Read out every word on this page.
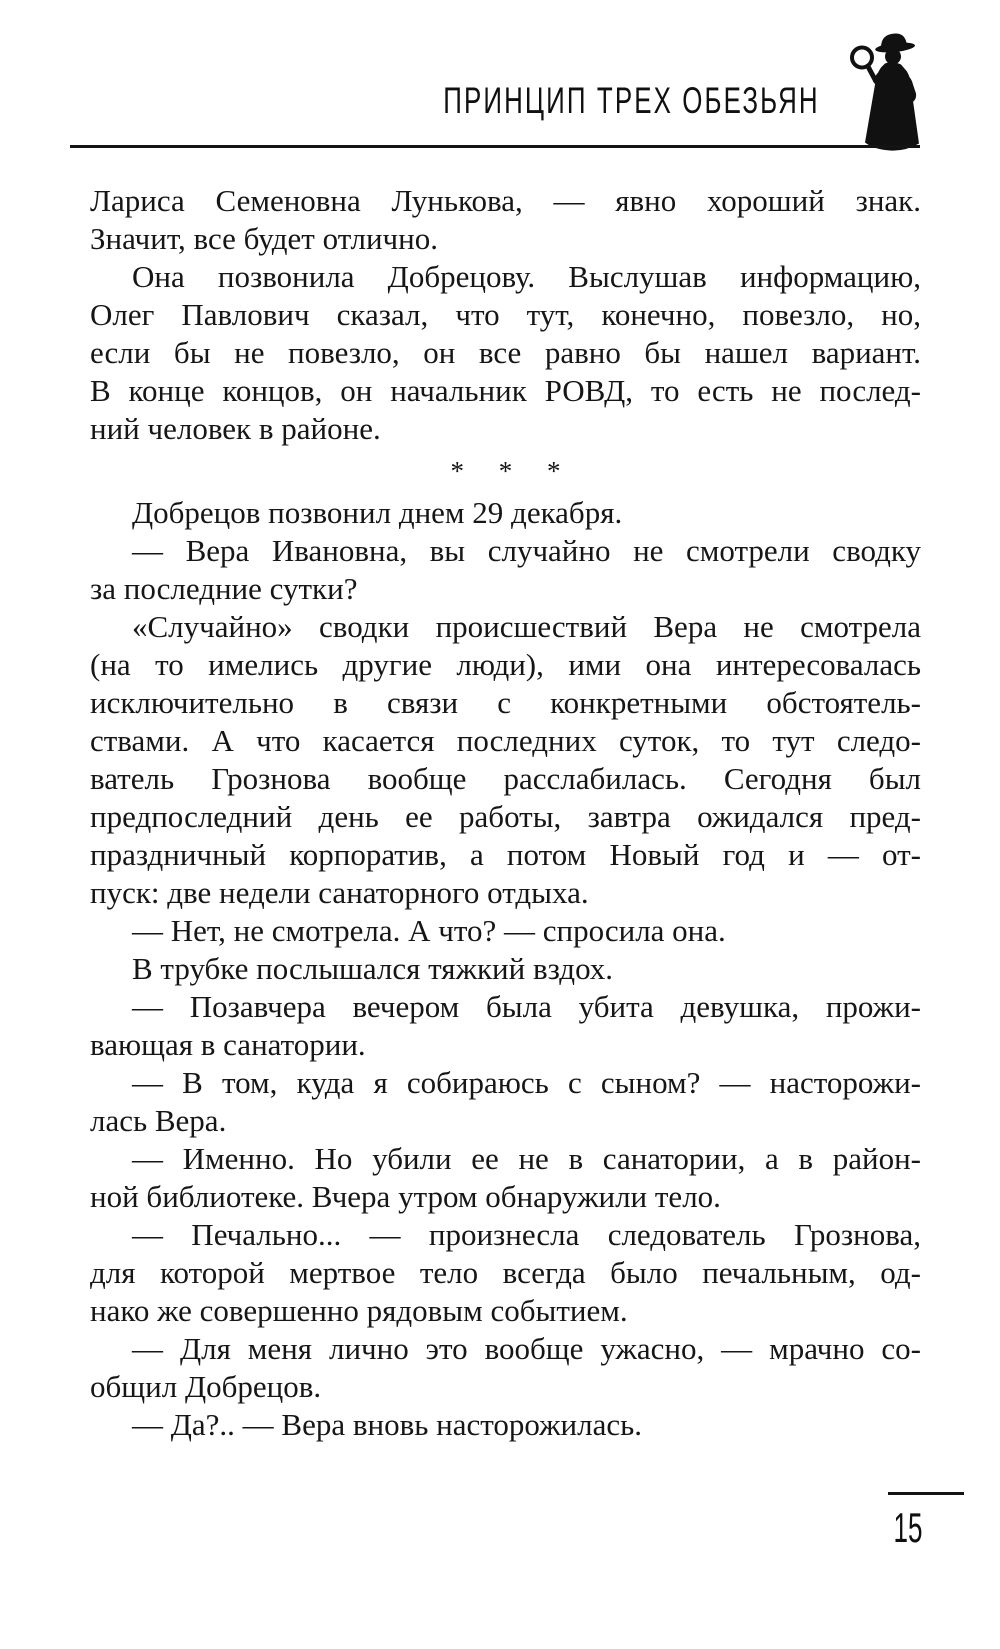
ПРИНЦИП ТРЕХ ОБЕЗЬЯН
Лариса Семеновна Лунькова, — явно хороший знак.
Значит, все будет отлично.
Она позвонила Добрецову. Выслушав информацию,
Олег Павлович сказал, что тут, конечно, повезло, но,
если бы не повезло, он все равно бы нашел вариант.
В конце концов, он начальник РОВД, то есть не послед-
ний человек в районе.
* * *
Добрецов позвонил днем 29 декабря.
— Вера Ивановна, вы случайно не смотрели сводку
за последние сутки?
«Случайно» сводки происшествий Вера не смотрела
(на то имелись другие люди), ими она интересовалась
исключительно в связи с конкретными обстоятель-
ствами. А что касается последних суток, то тут следо-
ватель Грознова вообще расслабилась. Сегодня был
предпоследний день ее работы, завтра ожидался пред-
праздничный корпоратив, а потом Новый год и — от-
пуск: две недели санаторного отдыха.
— Нет, не смотрела. А что? — спросила она.
В трубке послышался тяжкий вздох.
— Позавчера вечером была убита девушка, прожи-
вающая в санатории.
— В том, куда я собираюсь с сыном? — насторожи-
лась Вера.
— Именно. Но убили ее не в санатории, а в район-
ной библиотеке. Вчера утром обнаружили тело.
— Печально... — произнесла следователь Грознова,
для которой мертвое тело всегда было печальным, од-
нако же совершенно рядовым событием.
— Для меня лично это вообще ужасно, — мрачно со-
общил Добрецов.
— Да?.. — Вера вновь насторожилась.
15
